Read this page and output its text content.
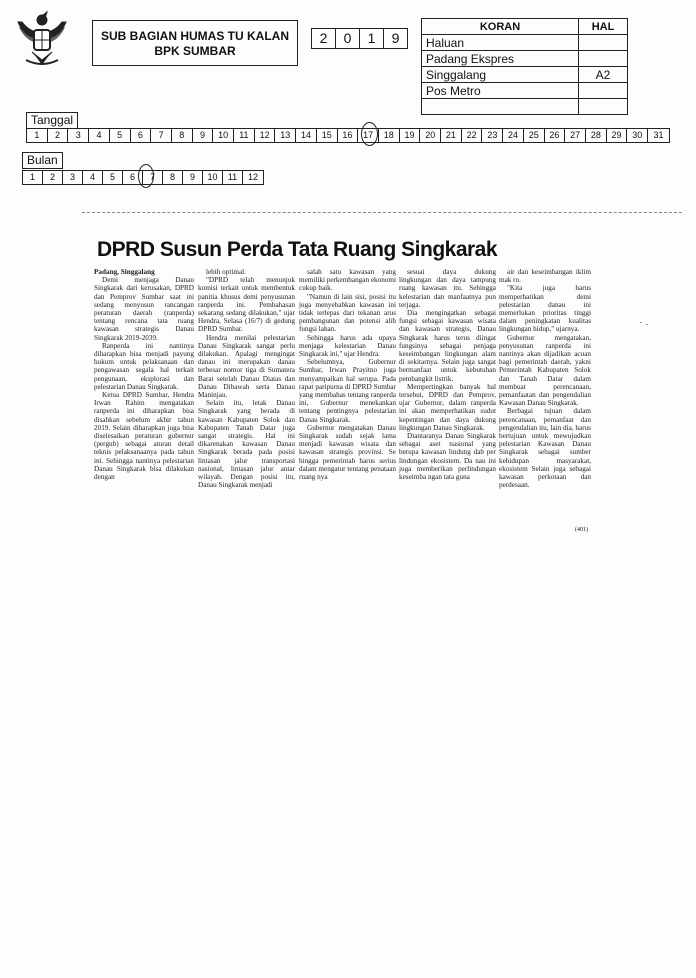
SUB BAGIAN HUMAS TU KALAN
BPK SUMBAR
2	0	1	9
KORAN	HAL
Haluan	
Padang Ekspres	
Singgalang	A2
Pos Metro	

Tanggal
1	2	3	4	5	6	7	8	9	10	11	12	13	14	15	16	17	18	19	20	21	22	23	24	25	26	27	28	29	30	31
Bulan
1	2	3	4	5	6	7	8	9	10	11	12
DPRD Susun Perda Tata Ruang Singkarak

Padang, Singgalang

Demi menjaga Danau Singkarak dari kerusakan, DPRD dan Pemprov Sumbar saat ini sedang menyusun rancangan peraturan daerah (ranperda) tentang rencana tata ruang kawasan strategis Danau Singkarak 2019-2039.

Ranperda ini nantinya diharapkan bisa menjadi payung hukum untuk pelaksanaan dan pengawasan segala hal terkait pengunaan, eksplorasi dan pelestarian Danau Singkarak.

Ketua DPRD Sumbar, Hendra Irwan Rahim mengatakan ranperda ini diharapkan bisa disahkan sebelum akhir tahun 2019. Selain diharapkan juga bisa diselesaikan peraturan gubernur (pergub) sebagai aturan detail teknis pelaksanaanya pada tahun ini. Sehingga nantinya pelestarian Danau Singkarak bisa dilakukan dengan

lebih optimal.

"DPRD telah menunjuk komisi terkait untuk membentuk panitia khusus demi penyusunan ranperda ini. Pembahasan sekarang sedang dilakukan," ujar Hendra, Selasa (16/7) di gedung DPRD Sumbar.

Hendra menilai pelestarian Danau Singkarak sangat perlu dilakukan. Apalagi mengingat danau ini merupakan danau terbesar nomor tiga di Sumatera Barat setelah Danau Diatas dan Danau Dibawah serta Danau Maninjau.

Selain itu, letak Danau Singkarak yang berada di kawasan Kabupaten Solok dan Kabupaten Tanah Datar juga sangat strategis. Hal ini dikarenakan kawasan Danau Singkarak berada pada posisi lintasan jalur transportasi nasional, lintasan jalur antar wilayah. Dengan posisi itu, Danau Singkarak menjadi

salah satu kawasan yang memiliki perkembangan ekonomi cukup baik.

"Namun di lain sisi, posisi itu juga menyebabkan kawasan ini tidak terlepas dari tekanan arus pembangunan dan potensi alih fungsi lahan.

Sehingga harus ada upaya menjaga kelestarian Danau Singkarak ini," ujar Hendra.

Sebelumnya, Gubernur Sumbar, Irwan Prayitno juga menyampaikan hal serupa. Pada rapat paripurna di DPRD Sumbar yang membahas tentang ranperda ini, Gubernur menekankan tentang pentingnya pelestarian Danau Singkarak.

Gubernur mengatakan Danau Singkarak sudah sejak lama menjadi kawasan wisata dan kawasan strategis provinsi. Se hingga pemerintah harus serius dalam mengatur tentang penataan ruang nya

sesuai daya dukung lingkungan dan daya tampung ruang kawasan itu. Sehingga kelestarian dan manfaatnya pun terjaga.

Dia mengingatkan sebagai fungsi sebagai kawasan wisata dan kawasan strategis, Danau Singkarak harus terus diingat fungsinya sebagai penjaga keseimbangan lingkungan alam di sekitarnya. Selain juga sangat bermanfaat untuk kebutuhan pembangkit listrik.

Mempertingkan banyak hal tersebut, DPRD dan Pemprov, ujar Gubernur, dalam ranperda ini akan memperhatikan sudut kepentingan dan daya dukung lingkungan Danau Singkarak.

Diantaranya Danau Singkarak sebagai aset nasional yang berupa kawasan lindung dab per lindungan ekosistem. Da nau ini juga memberikan perlindungan keseimba ngan tata guna

air dan keseimbangan iklim mak ro.

"Kita juga harus memperhatikan demi pelestarian danau ini memerlukan prioritas tinggi dalam peningkatan kualitas lingkungan hidup," ujarnya.

Gubernur mengatakan, penyusunan ranperda ini nantinya akan dijadikan acuan bagi pemerintah daerah, yakni Pemerintah Kabupaten Solok dan Tanah Datar dalam membuat perencanaan, pemanfaatan dan pengendalian Kawasan Danau Singkarak.

Berbagai tujuan dalam perencanaan, pemanfaat dan pengendalian itu, lain dia, harus bertujuan untuk mewujudkan pelestarian Kawasan Danau Singkarak sebagai sumber kehidupan masyarakat, ekosistem Selain juga sebagai kawasan perkotaan dan perdesaan.

(401)
